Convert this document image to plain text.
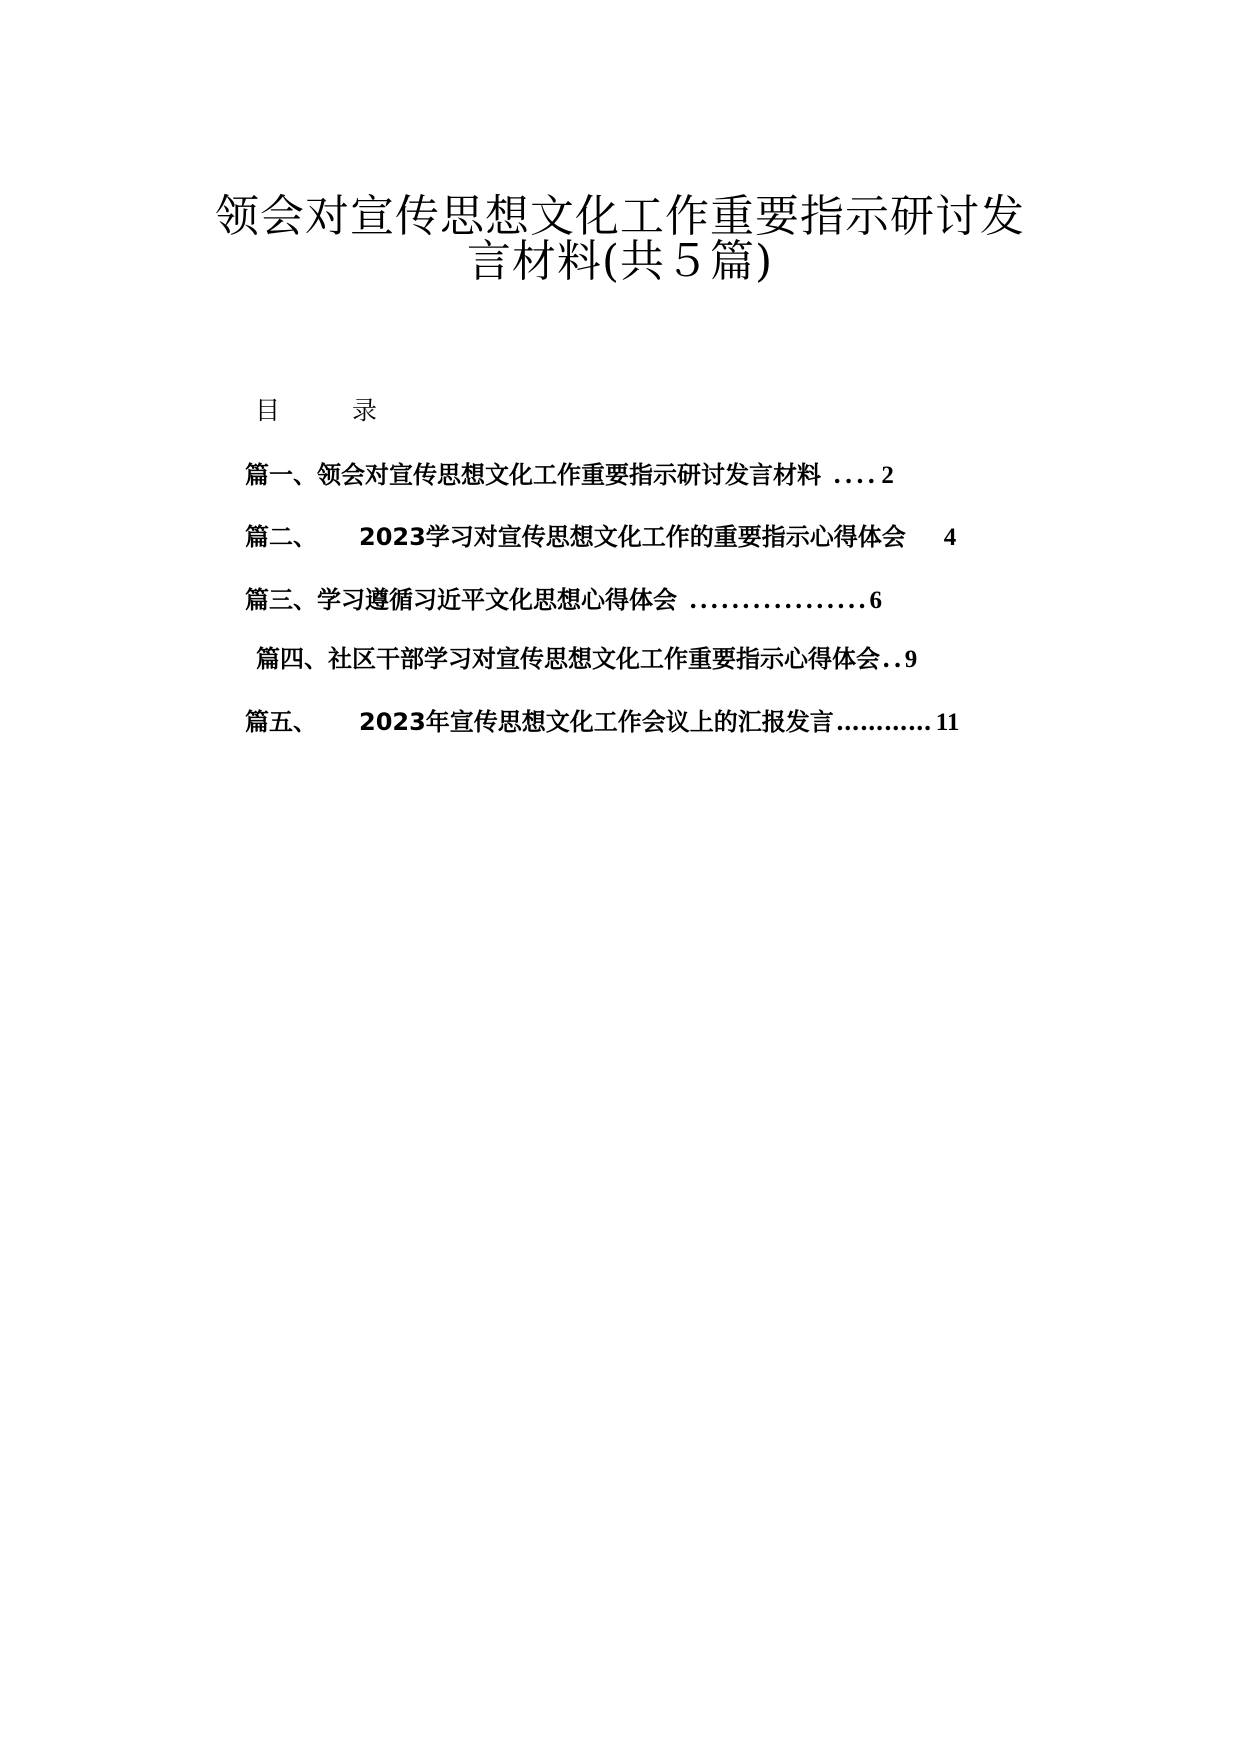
领会对宣传思想文化工作重要指示研讨发
言材料(共５篇)
目 录
篇一、 领会对宣传思想文化工作重要指示研讨发言材料 .... 2
篇二、 2023学习对宣传思想文化工作的重要指示心得体会 4
篇三、 学习遵循习近平文化思想心得体会 ................. 6
篇四、 社区干部学习对宣传思想文化工作重要指示心得体会 .. 9
篇五、 2023年宣传思想文化工作会议上的汇报发言 ………… 11
